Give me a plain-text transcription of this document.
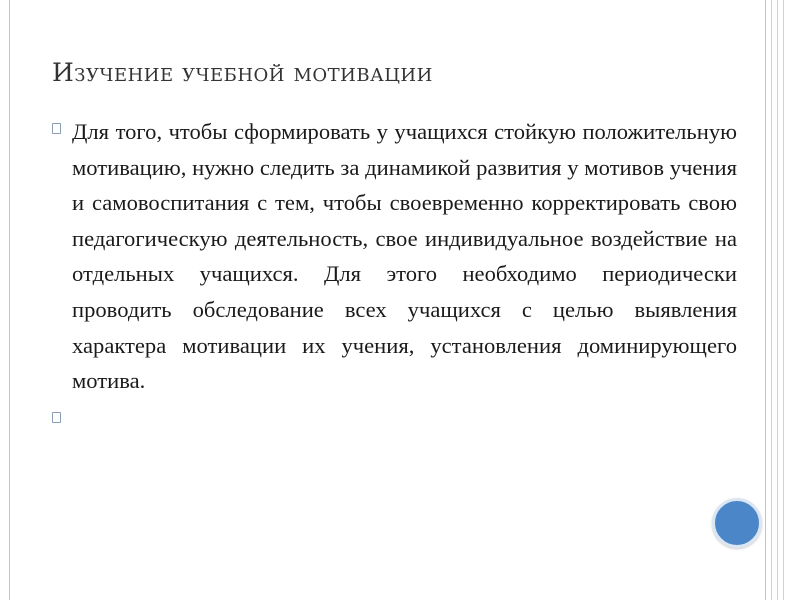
Изучение учебной мотивации
Для того, чтобы сформировать у учащихся стойкую положительную мотивацию, нужно следить за динамикой развития у мотивов учения и самовоспитания с тем, чтобы своевременно корректировать свою педагогическую деятельность, свое индивидуальное воздействие на отдельных учащихся. Для этого необходимо периодически проводить обследование всех учащихся с целью выявления характера мотивации их учения, установления доминирующего мотива.
